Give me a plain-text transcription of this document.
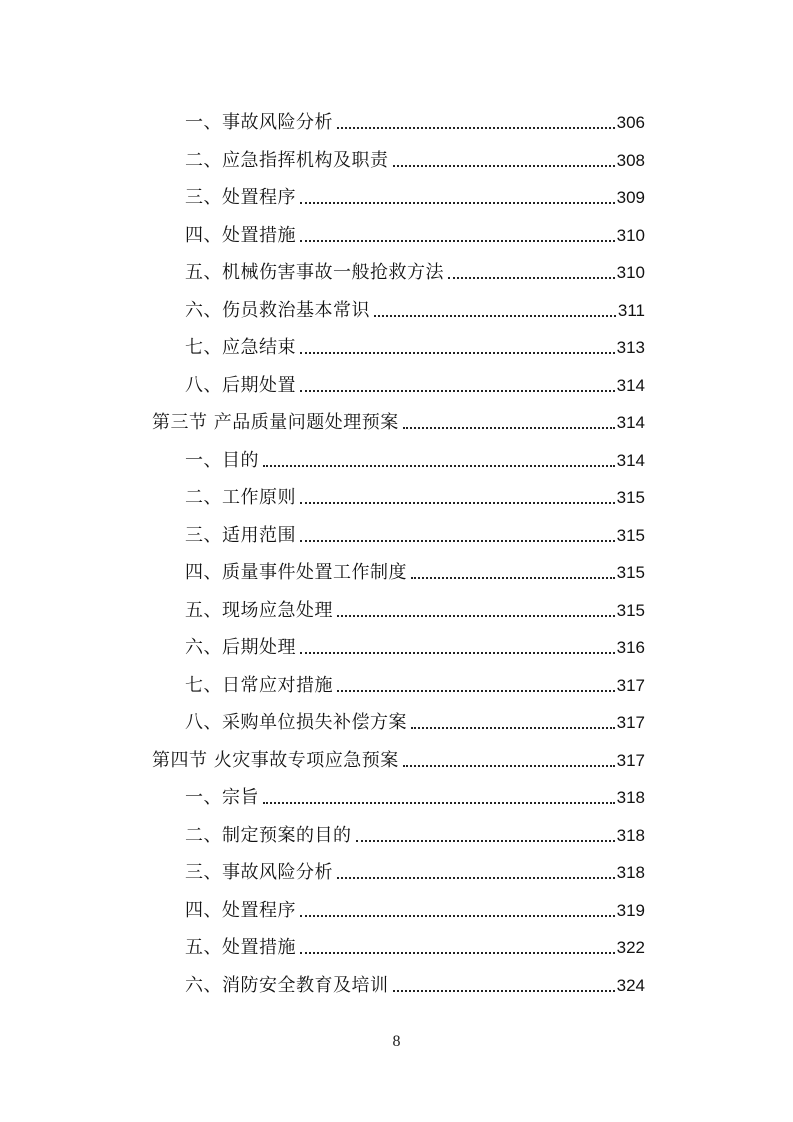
一、事故风险分析	306
二、应急指挥机构及职责	308
三、处置程序	309
四、处置措施	310
五、机械伤害事故一般抢救方法	310
六、伤员救治基本常识	311
七、应急结束	313
八、后期处置	314
第三节 产品质量问题处理预案	314
一、目的	314
二、工作原则	315
三、适用范围	315
四、质量事件处置工作制度	315
五、现场应急处理	315
六、后期处理	316
七、日常应对措施	317
八、采购单位损失补偿方案	317
第四节 火灾事故专项应急预案	317
一、宗旨	318
二、制定预案的目的	318
三、事故风险分析	318
四、处置程序	319
五、处置措施	322
六、消防安全教育及培训	324
8
